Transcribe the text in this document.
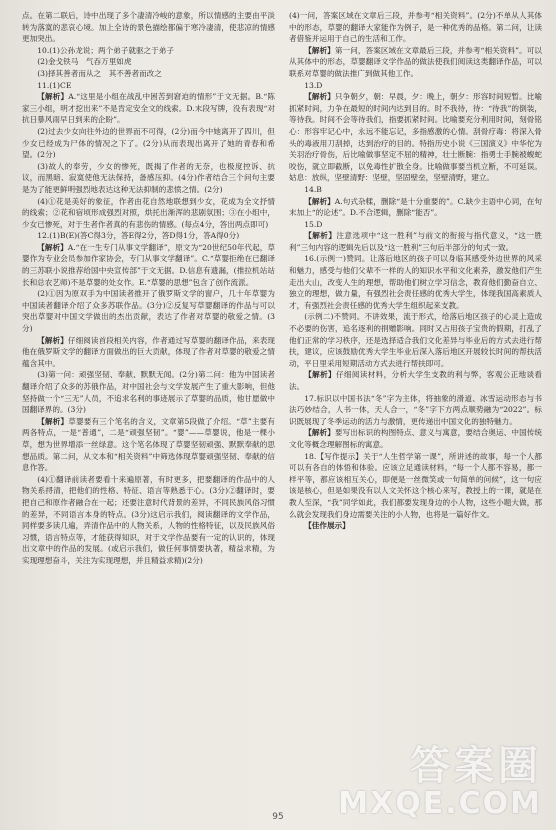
点。在第二联后，诗中出现了多个凄清冷峻的意象，所以情感的主要由平淡转为落寞的悲哀心境。加上全诗的景色描绘都偏于寒冷凄清，使悲凉的情感更加突出。

10.(1)公孙龙说；两个弟子就驱之于弟子

(2)金戈铁马　气吞万里如虎

(3)择其善者而从之　其不善者而改之

11.(1)CE

【解析】A.“这里是小组在战乱中困苦到窘迫的情形”于文无据。B.“陈家三小组，明才挖出来”不是肯定安全文的线索。D.末段写牌，没有表现“对抗日暴风雨早日到来的企盼”。

(2)过去少女向往外边的世界而不可得，(2分)而今中她离开了四川，但少女已经成为尸体的情况之下了。(2分)从而表现出离开了她的青春和希望。(2分)

(3)故人的奉劳，少女的惨死，既揭了作者的无奈，也极度控诉、抗议，而黑暗、寂寞使他无法保持，备感压抑。(4分)作者结合三个问句主要是为了能更鲜明强烈地表达这种无法抑制的悲愤之情。(2分)

(4)①花是美好的象征，作者由花自然地联想到少女，花成为全文抒情的线索；②花和宿顷形成强烈对照，烘托出渐浑的悲剧氛围；③在小组中，少女已惨死，对于生者作者真的有悲伤的情感。(每点4分，答出两点即可)

12.(1)B(E)(答C得3分，答E得2分，答D得1分，答A得0分)

【解析】A.“在一生专门从事文学翻译”，原文为“20世纪50年代起，草婴作为专业会员参加作家协会，专门从事文学翻译”。C.“草婴拒绝在已翻译的三苏联小说推荐给国中央宣传部”于文无据。D.信息有遗漏，(推拉机站站长和总农艺师)不是草婴的处女作。E.“草婴的思想”包含了创作流派。

(2)①因为原双手为中国读者推开了俄罗斯文学的窗户，几十年草婴为中国读者翻译介绍了众多苏联作品。(3分)②反复写草婴翻译的作品与可以突出草婴对中国文学做出的杰出贡献，表达了作者对草婴的敬爱之情。(3分)

【解析】仔细阅读首段相关内容，作者通过写草婴的翻译作品，来表现他在俄罗斯文学的翻译方面做出的巨大贡献，体现了作者对草婴的敬爱之情蕴含其中。

(3)第一问：顽强坚韧、奉献、默默无闻。(2分)第二问：他为中国读者翻译介绍了众多的苏俄作品，对中国社会与文学发展产生了重大影响，但他坚持做一个“三无”人员，不追求名利的事迹展示了草婴的品质，他甘愿做中国翻译界的。(3分)

【解析】草婴要有三个笔名的含义，文章第5段做了介绍。“草”主要有两各特点，一是“普通”，二是“顽强坚韧”。“婴”——草婴说，他是一棵小草，想为世界增添一丝绿意。这个笔名体现了草婴坚韧顽强、默默奉献的思想品质。第二问，从文本和“相关资料”中筛选体现草婴顽强坚韧、奉献的信息作答。

(4)①翻译前读者要看十来遍原著，有时更多，把要翻译的作品中的人物关系捋清，把他们的性格、特征、语言等熟悉于心。(3分)②翻译时，要把自己和原作者融合在一起；还要注意时代背景的差异，不同民族风俗习惯的差异，不同语言本身的特点。(3分)这启示我们，阅读翻译的文学作品，同样要多读几遍，弄清作品中的人物关系，人物的性格特征，以及民族风俗习惯，语言特点等，才能获得知识，对于文学作品要有一定的认识的，体现出文章中的作品的发展。(或启示我们，做任何事情要执著，精益求精，为实现理想奋斗，关注为实现理想，并且精益求精)(2分)

(4)一问，答案区域在文章后三段，并参考“相关资料”。(2分)不单从人其体中的形态，草婴的翻译大家能作为例子，是一种优秀的品格。第二问，让读者借鉴并运用于自己的生活和工作。

【解析】第一问，答案区域在文章最后三段，并参考“相关资料”。可以从其体中的形态，草婴翻译文学作品的做法使我们阅读这类翻译作品，可以联系对草婴的做法推广到做其他工作。

13.D

【解析】只争朝夕，朝：早晨，夕：晚上，朝夕：形容时间短暂。比喻抓紧时间，力争在最短的时间内达到目的。时不我待，待：“待我”的倒装，等待我。时间不会等待我们，指要抓紧时间。比喻要充分利用时间，刻骨铭心：形容牢记心中，永远不能忘记，多指感激的心情。刮骨疗毒：将深入骨头的毒液用刀刮掉，达到治疗的目的。特指历史小说《三国演义》中华佗为关羽治疗骨伤，后比喻做事坚定不屈的精神，壮士断腕：指勇士手腕被蝮蛇咬伤，就立即截断，以免毒性扩散全身。比喻做事要当机立断，不可延误。姑息：放纵，坚壁清野：坚壁，坚固壁垒，坚壁清野，建立。

14.B

【解析】A.句式杂糅，删除“是十分重要的”。C.缺少主语中心词，在句末加上“的论述”。D.不合逻辑，删除“能否”。

15.D

【解析】注意选项中“这一胜利”与前文的衔接与指代意义，“这一胜利”三句内容的逻辑先后以及“这一胜利”三句后半部分的句式一致。

16.(示例一)赞同。让落后地区的孩子可以身临其感受外边世界的风采和魅力，感受与他们父辈不一样的人的知识水平和文化素养，激发他们产生走出大山，改变人生的理想，帮助他们树立学习信念，教育他们勤奋自立、独立的理想，做力量，有强烈社会责任感的优秀大学生，体现我国高素质人才，有强烈社会责任感的优秀大学生组织起来支教。

(示例二)不赞同。不讲效果，流于形式，给落后地区孩子的心灵上造成不必要的伤害，追名逐利的捐赠影响。同时又占用孩子宝贵的假期，打乱了他们正常的学习秩序，还是选择适合我们文化差异与毕业后的方式去进行帮扶，建议，应该鼓励优秀大学生毕业后深入落后地区开展较长时间的帮扶活动，平日里采用短期活动方式去进行帮扶即可。

【解析】仔细阅读材料，分析大学生支教的利与弊，客观公正地谈看法。

17.标识以中国书法“冬”字为主体，将抽象的滑道、冰雪运动形态与书法巧妙结合，人书一体，天人合一，“冬”字下方两点顺势融为“2022”。标识既展现了冬季运动的活力与激情，更传递出中国文化的独特魅力。

【解析】要写出标识的构图特点、意义与寓意，要结合奥运、中国传统文化等概念理解图标的寓意。

18.【写作提示】关于“人生哲学第一课”，所讲述的故事，每一个人都可以有各自的体悟和体验。应该立足通读材料，“每一个人都不容易，都一样平等，都应该相互关心，即便是一丝微笑或一句简单的问候”，这一句应该是核心，但是如果没有以人文关怀这个核心来写，教授上的一课，就是在教人至深，“我”同学如此，我们都要发现身边的小人物，这些小题大做，那么就会发现我们身边需要关注的小人物，也将是一篇好作文。

【佳作展示】

95
答案圈
MXQE.COM
